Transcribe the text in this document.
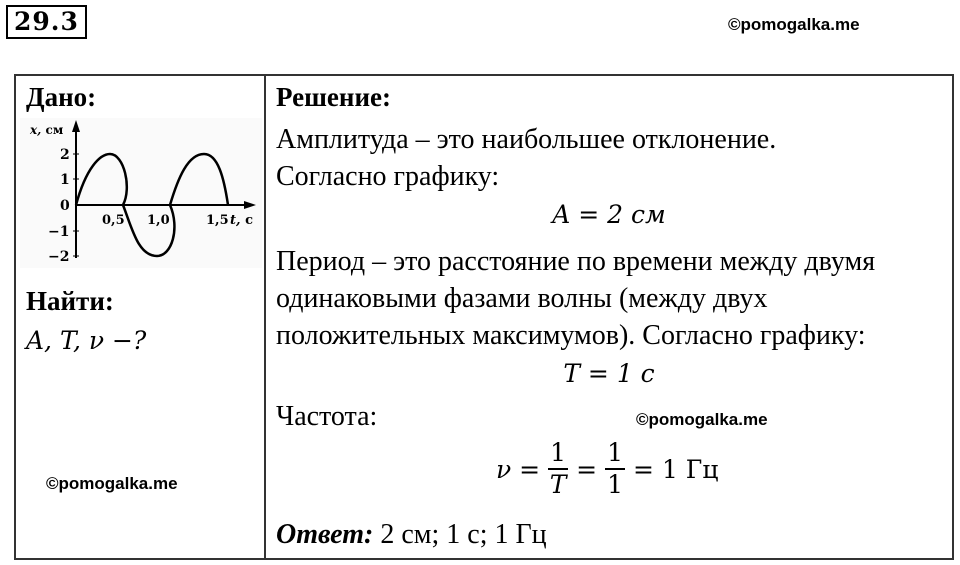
29.3	©pomogalka.me
Дано:
x, см
2
1
0
−1
−2
0,5 1,0	1,5 t, с
Найти:
A, T, ν −?
©pomogalka.me
Решение:
Амплитуда – это наибольшее отклонение.
Согласно графику:
A = 2 см
Период – это расстояние по времени между двумя
одинаковыми фазами волны (между двух
положительных максимумов). Согласно графику:
T = 1 с
Частота:	©pomogalka.me
ν =
1
T
=
1
1
= 1 Гц
Ответ: 2 см; 1 с; 1 Гц
